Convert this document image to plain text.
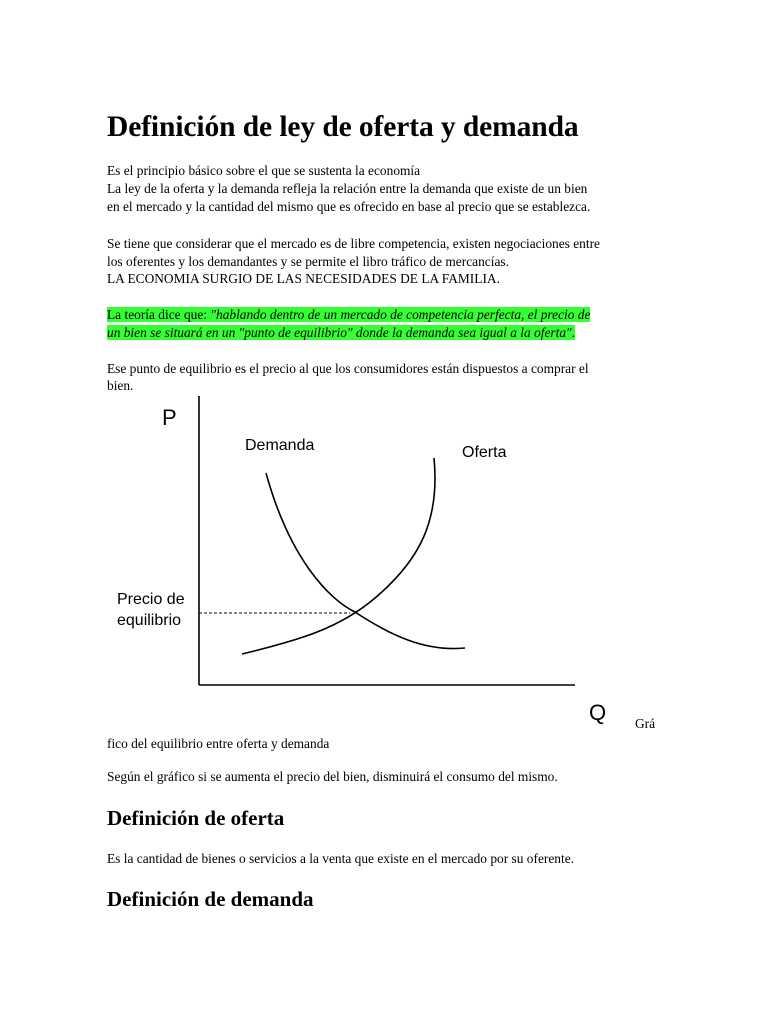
Definición de ley de oferta y demanda
Es el principio básico sobre el que se sustenta la economía
La ley de la oferta y la demanda refleja la relación entre la demanda que existe de un bien
en el mercado y la cantidad del mismo que es ofrecido en base al precio que se establezca.
Se tiene que considerar que el mercado es de libre competencia, existen negociaciones entre
los oferentes y los demandantes y se permite el libro tráfico de mercancías.
LA ECONOMIA SURGIO DE LAS NECESIDADES DE LA FAMILIA.
La teoría dice que: "hablando dentro de un mercado de competencia perfecta, el precio de
un bien se situará en un "punto de equilibrio" donde la demanda sea igual a la oferta".
Ese punto de equilibrio es el precio al que los consumidores están dispuestos a comprar el
bien.
P
Q
Demanda	Oferta
Precio de
equilibrio
Grá
fico del equilibrio entre oferta y demanda
Según el gráfico si se aumenta el precio del bien, disminuirá el consumo del mismo.
Definición de oferta
Es la cantidad de bienes o servicios a la venta que existe en el mercado por su oferente.
Definición de demanda
